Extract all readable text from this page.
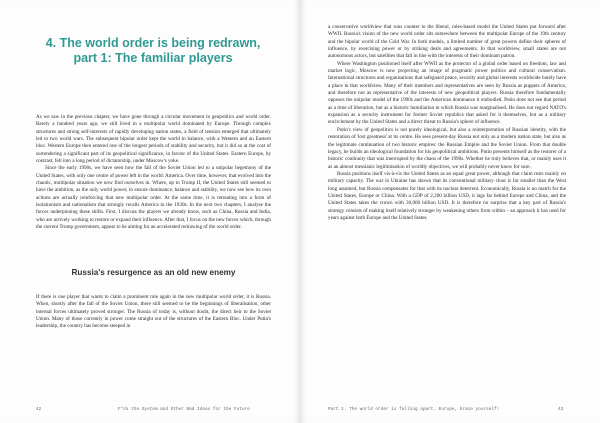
4. The world order is being redrawn,
part 1: The familiar players

As we saw in the previous chapter, we have gone through a circular movement in geopolitics and world order. Barely a hundred years ago, we still lived in a multipolar world dominated by Europe. Through complex structures and strong self-interests of rapidly developing nation states, a field of tension emerged that ultimately led to two world wars. The subsequent bipolar order kept the world in balance, with a Western and an Eastern bloc. Western Europe then entered one of the longest periods of stability and security, but it did so at the cost of surrendering a significant part of its geopolitical significance, in favour of the United States. Eastern Europe, by contrast, fell into a long period of dictatorship, under Moscow's yoke.

Since the early 1990s, we have seen how the fall of the Soviet Union led to a unipolar hegemony of the United States, with only one centre of power left in the world: America. Over time, however, that evolved into the chaotic, multipolar situation we now find ourselves in. Where, up to Trump II, the United States still seemed to have the ambition, as the only world power, to ensure dominance, balance and stability, we now see how its own actions are actually reinforcing that new multipolar order. At the same time, it is retreating into a form of isolationism and nationalism that strongly recalls America in the 1930s. In the next two chapters, I analyse the forces underpinning these shifts. First, I discuss the players we already know, such as China, Russia and India, who are actively working to restore or expand their influence. After that, I focus on the new forces which, through the current Trump government, appear to be aiming for an accelerated redrawing of the world order.

Russia's resurgence as an old new enemy

If there is one player that wants to claim a prominent role again in the new multipolar world order, it is Russia. When, shortly after the fall of the Soviet Union, there still seemed to be the beginnings of liberalisation, other internal forces ultimately proved stronger. The Russia of today is, without doubt, the direct heir to the Soviet Union. Many of those currently in power come straight out of the structures of the Eastern Bloc. Under Putin's leadership, the country has become steeped in

42	F*ck the System and Other Bad Ideas for the Future

a conservative worldview that runs counter to the liberal, rules-based model the United States put forward after WWII. Russia's vision of the new world order sits somewhere between the multipolar Europe of the 19th century and the bipolar world of the Cold War. In both models, a limited number of great powers define their spheres of influence, by exercising power or by striking deals and agreements. In that worldview, small states are not autonomous actors, but satellites that fall in line with the interests of their dominant patron.

Where Washington positioned itself after WWII as the protector of a global order based on freedom, law and market logic, Moscow is now projecting an image of pragmatic power politics and cultural conservatism. International structures and organisations that safeguard peace, security and global interests worldwide barely have a place in that worldview. Many of their members and representatives are seen by Russia as puppets of America, and therefore not as representative of the interests of new geopolitical players. Russia therefore fundamentally opposes the unipolar model of the 1990s and the American dominance it embodied. Putin does not see that period as a time of liberation, but as a historic humiliation in which Russia was marginalised. He does not regard NATO's expansion as a security instrument for former Soviet republics that asked for it themselves, but as a military encirclement by the United States and a direct threat to Russia's sphere of influence.

Putin's view of geopolitics is not purely ideological, but also a reinterpretation of Russian identity, with the restoration of 'lost greatness' at its centre. He sees present-day Russia not only as a modern nation state, but also as the legitimate continuation of two historic empires: the Russian Empire and the Soviet Union. From that double legacy, he builds an ideological foundation for his geopolitical ambitions. Putin presents himself as the restorer of a historic continuity that was interrupted by the chaos of the 1990s. Whether he truly believes that, or mainly uses it as an almost messianic legitimisation of worldly objectives, we will probably never know for sure.

Russia positions itself vis-à-vis the United States as an equal great power, although that claim rests mainly on military capacity. The war in Ukraine has shown that its conventional military clout is far smaller than the West long assumed, but Russia compensates for that with its nuclear deterrent. Economically, Russia is no match for the United States, Europe or China. With a GDP of 2,200 billion USD, it lags far behind Europe and China, and the United States takes the crown with 30,000 billion USD. It is therefore no surprise that a key part of Russia's strategy consists of making itself relatively stronger by weakening others from within – an approach it has used for years against both Europe and the United States.

Part 1. The world order is falling apart. Europe, brace yourself!	43
